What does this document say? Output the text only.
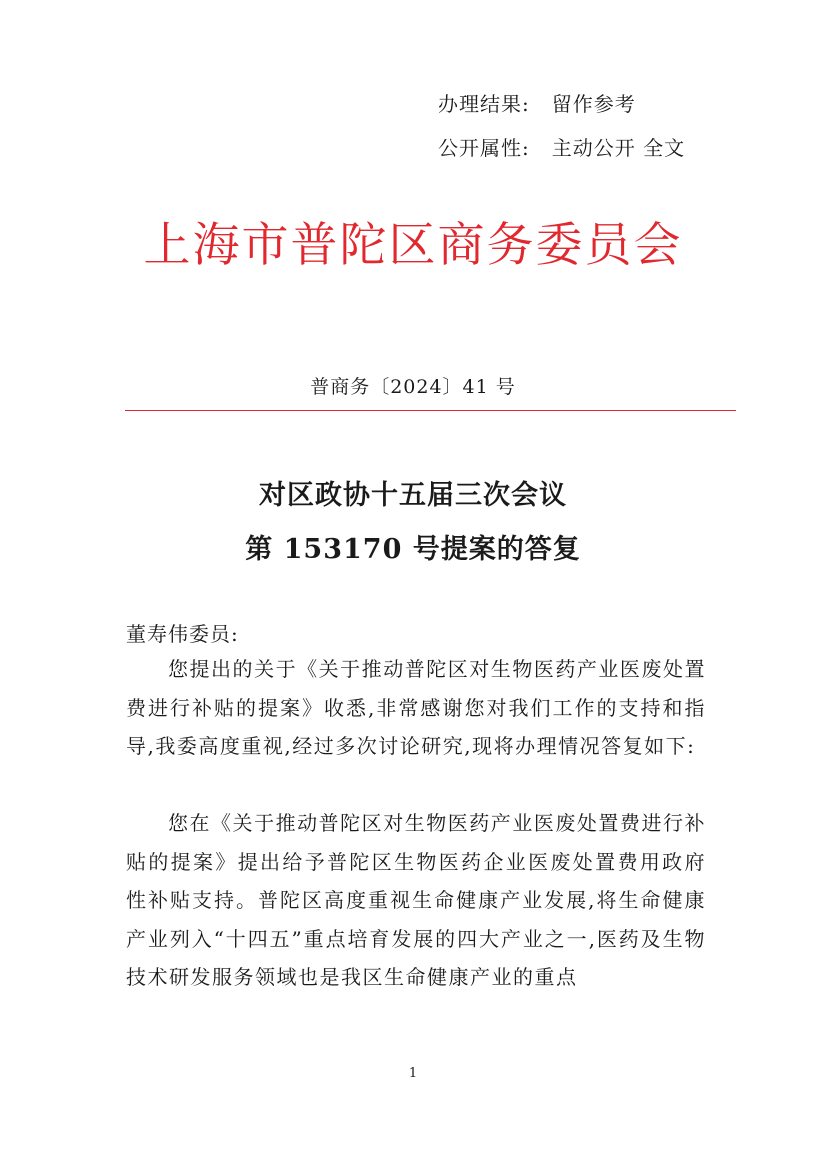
办理结果: 留作参考
公开属性: 主动公开 全文
上海市普陀区商务委员会
普商务〔2024〕41 号
对区政协十五届三次会议
第 153170 号提案的答复
董寿伟委员:
您提出的关于《关于推动普陀区对生物医药产业医废处置费进行补贴的提案》收悉,非常感谢您对我们工作的支持和指导,我委高度重视,经过多次讨论研究,现将办理情况答复如下:
您在《关于推动普陀区对生物医药产业医废处置费进行补贴的提案》提出给予普陀区生物医药企业医废处置费用政府性补贴支持。普陀区高度重视生命健康产业发展,将生命健康产业列入“十四五”重点培育发展的四大产业之一,医药及生物技术研发服务领域也是我区生命健康产业的重点
1
